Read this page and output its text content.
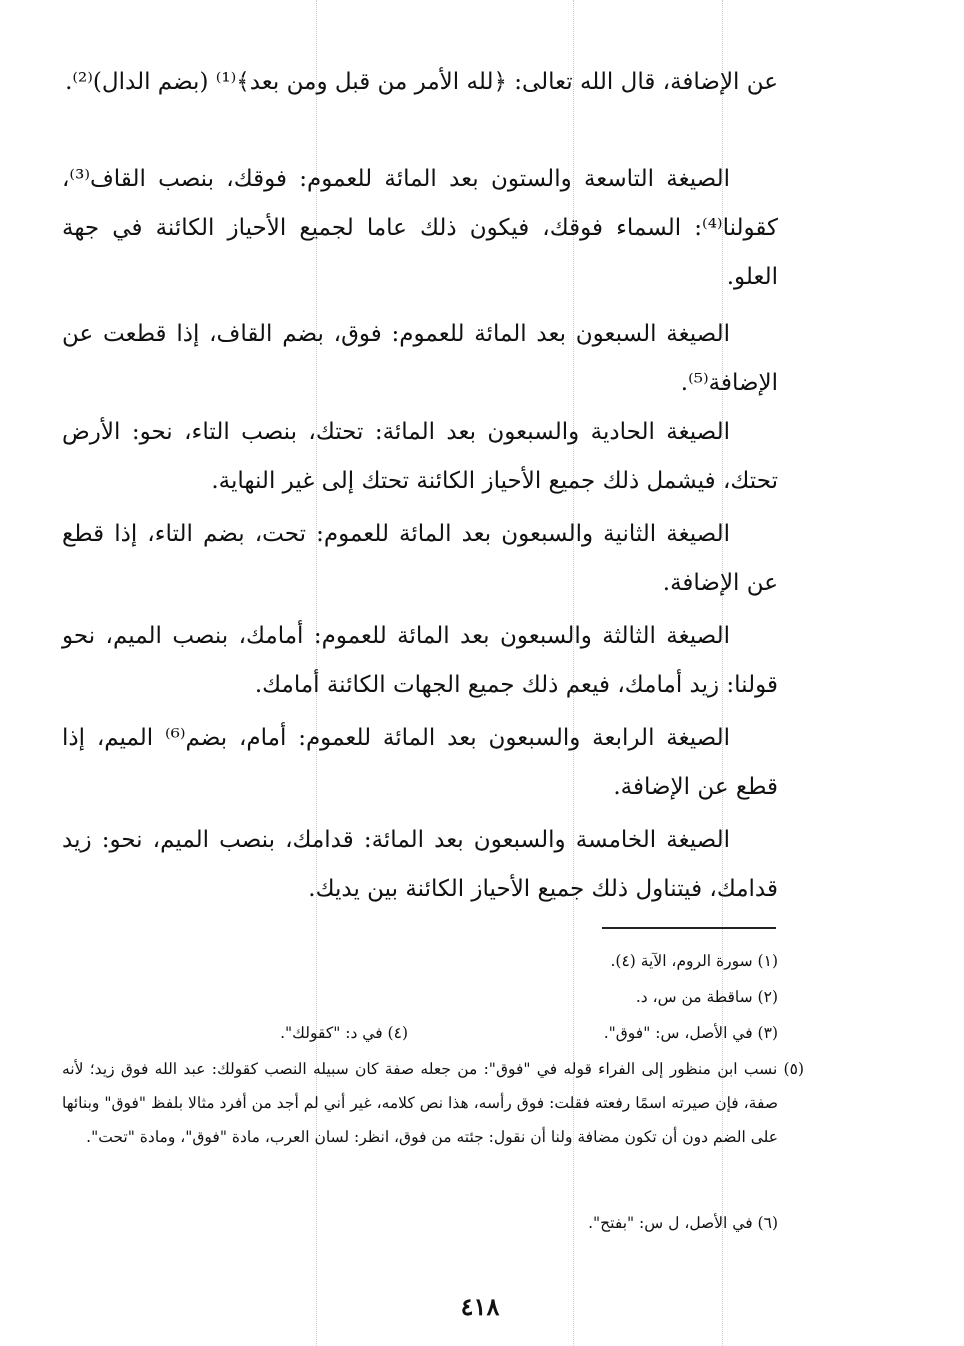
عن الإضافة، قال الله تعالى: ﴿لله الأمر من قبل ومن بعد﴾⁽¹⁾ (بضم الدال)⁽²⁾.

الصيغة التاسعة والستون بعد المائة للعموم: فوقك، بنصب القاف⁽³⁾، كقولنا⁽⁴⁾: السماء فوقك، فيكون ذلك عاما لجميع الأحياز الكائنة في جهة العلو.

الصيغة السبعون بعد المائة للعموم: فوق، بضم القاف، إذا قطعت عن الإضافة⁽⁵⁾.

الصيغة الحادية والسبعون بعد المائة: تحتك، بنصب التاء، نحو: الأرض تحتك، فيشمل ذلك جميع الأحياز الكائنة تحتك إلى غير النهاية.

الصيغة الثانية والسبعون بعد المائة للعموم: تحت، بضم التاء، إذا قطع عن الإضافة.

الصيغة الثالثة والسبعون بعد المائة للعموم: أمامك، بنصب الميم، نحو قولنا: زيد أمامك، فيعم ذلك جميع الجهات الكائنة أمامك.

الصيغة الرابعة والسبعون بعد المائة للعموم: أمام، بضم⁽⁶⁾ الميم، إذا قطع عن الإضافة.

الصيغة الخامسة والسبعون بعد المائة: قدامك، بنصب الميم، نحو: زيد قدامك، فيتناول ذلك جميع الأحياز الكائنة بين يديك.

(١) سورة الروم، الآية (٤).

(٢) ساقطة من س، د.

(٣) في الأصل، س: "فوق".
(٤) في د: "كقولك".

(٥) نسب ابن منظور إلى الفراء قوله في "فوق": من جعله صفة كان سبيله النصب كقولك: عبد الله فوق زيد؛ لأنه صفة، فإن صيرته اسمًا رفعته فقلت: فوق رأسه، هذا نص كلامه، غير أني لم أجد من أفرد مثالا بلفظ "فوق" وبنائها على الضم دون أن تكون مضافة ولنا أن نقول: جئته من فوق، انظر: لسان العرب، مادة "فوق"، ومادة "تحت".

(٦) في الأصل، ل س: "بفتح".

٤١٨
